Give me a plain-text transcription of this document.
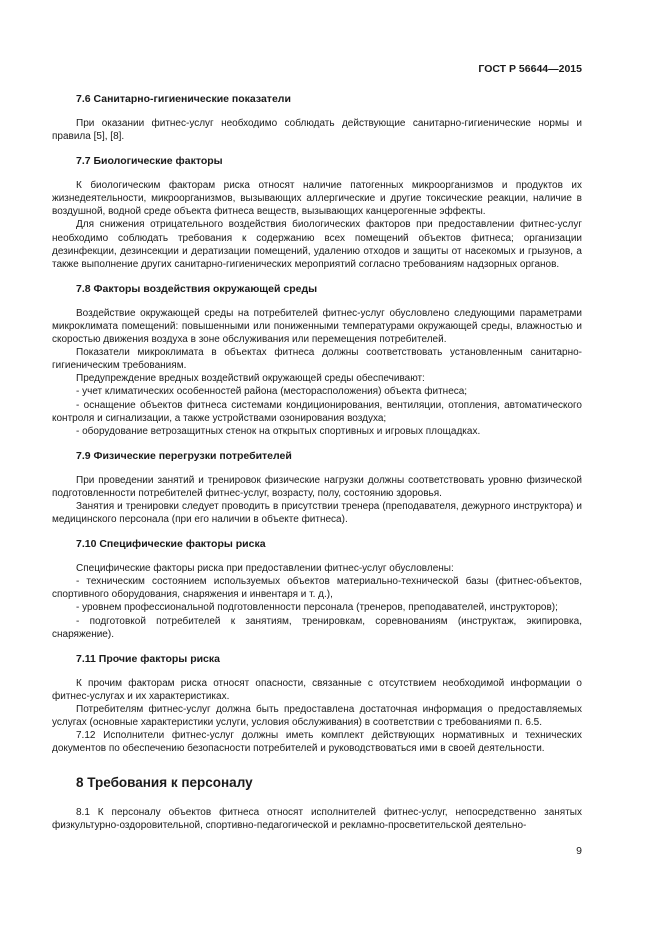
ГОСТ Р 56644—2015
7.6 Санитарно-гигиенические показатели
При оказании фитнес-услуг необходимо соблюдать действующие санитарно-гигиенические нормы и правила [5], [8].
7.7 Биологические факторы
К биологическим факторам риска относят наличие патогенных микроорганизмов и продуктов их жизнедеятельности, микроорганизмов, вызывающих аллергические и другие токсические реакции, наличие в воздушной, водной среде объекта фитнеса веществ, вызывающих канцерогенные эффекты.
Для снижения отрицательного воздействия биологических факторов при предоставлении фитнес-услуг необходимо соблюдать требования к содержанию всех помещений объектов фитнеса; организации дезинфекции, дезинсекции и дератизации помещений, удалению отходов и защиты от насекомых и грызунов, а также выполнение других санитарно-гигиенических мероприятий согласно требованиям надзорных органов.
7.8 Факторы воздействия окружающей среды
Воздействие окружающей среды на потребителей фитнес-услуг обусловлено следующими параметрами микроклимата помещений: повышенными или пониженными температурами окружающей среды, влажностью и скоростью движения воздуха в зоне обслуживания или перемещения потребителей.
Показатели микроклимата в объектах фитнеса должны соответствовать установленным санитарно-гигиеническим требованиям.
Предупреждение вредных воздействий окружающей среды обеспечивают:
- учет климатических особенностей района (месторасположения) объекта фитнеса;
- оснащение объектов фитнеса системами кондиционирования, вентиляции, отопления, автоматического контроля и сигнализации, а также устройствами озонирования воздуха;
- оборудование ветрозащитных стенок на открытых спортивных и игровых площадках.
7.9 Физические перегрузки потребителей
При проведении занятий и тренировок физические нагрузки должны соответствовать уровню физической подготовленности потребителей фитнес-услуг, возрасту, полу, состоянию здоровья.
Занятия и тренировки следует проводить в присутствии тренера (преподавателя, дежурного инструктора) и медицинского персонала (при его наличии в объекте фитнеса).
7.10 Специфические факторы риска
Специфические факторы риска при предоставлении фитнес-услуг обусловлены:
- техническим состоянием используемых объектов материально-технической базы (фитнес-объектов, спортивного оборудования, снаряжения и инвентаря и т. д.),
- уровнем профессиональной подготовленности персонала (тренеров, преподавателей, инструкторов);
- подготовкой потребителей к занятиям, тренировкам, соревнованиям (инструктаж, экипировка, снаряжение).
7.11 Прочие факторы риска
К прочим факторам риска относят опасности, связанные с отсутствием необходимой информации о фитнес-услугах и их характеристиках.
Потребителям фитнес-услуг должна быть предоставлена достаточная информация о предоставляемых услугах (основные характеристики услуги, условия обслуживания) в соответствии с требованиями п. 6.5.
7.12 Исполнители фитнес-услуг должны иметь комплект действующих нормативных и технических документов по обеспечению безопасности потребителей и руководствоваться ими в своей деятельности.
8 Требования к персоналу
8.1 К персоналу объектов фитнеса относят исполнителей фитнес-услуг, непосредственно занятых физкультурно-оздоровительной, спортивно-педагогической и рекламно-просветительской деятельно-
9
